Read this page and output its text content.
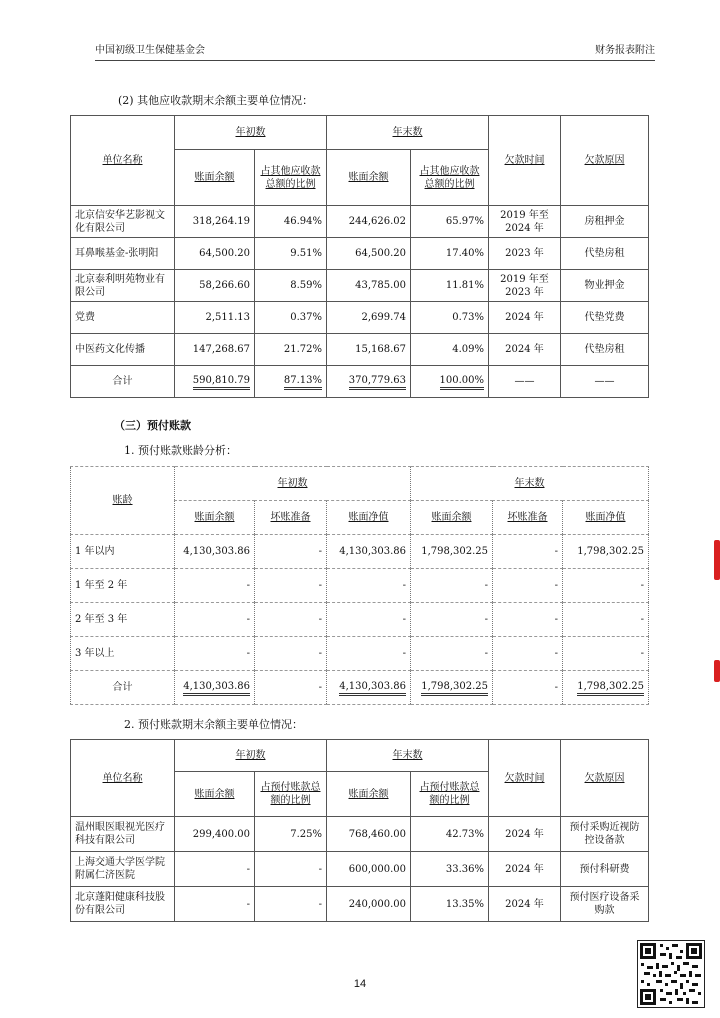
中国初级卫生保健基金会	财务报表附注
(2) 其他应收款期末余额主要单位情况：
单位名称	年初数		年末数		欠款时间	欠款原因
	账面余额	占其他应收款总额的比例	账面余额	占其他应收款总额的比例		
北京信安华艺影视文化有限公司	318,264.19	46.94%	244,626.02	65.97%	2019 年至 2024 年	房租押金
耳鼻喉基金-张明阳	64,500.20	9.51%	64,500.20	17.40%	2023 年	代垫房租
北京泰利明苑物业有限公司	58,266.60	8.59%	43,785.00	11.81%	2019 年至 2023 年	物业押金
党费	2,511.13	0.37%	2,699.74	0.73%	2024 年	代垫党费
中医药文化传播	147,268.67	21.72%	15,168.67	4.09%	2024 年	代垫房租
合计	590,810.79	87.13%	370,779.63	100.00%	——	——
（三）预付账款
1. 预付账款账龄分析：
账龄	年初数			年末数		
	账面余额	坏账准备	账面净值	账面余额	坏账准备	账面净值
1 年以内	4,130,303.86	-	4,130,303.86	1,798,302.25	-	1,798,302.25
1 年至 2 年	-	-	-	-	-	-
2 年至 3 年	-	-	-	-	-	-
3 年以上	-	-	-	-	-	-
合计	4,130,303.86	-	4,130,303.86	1,798,302.25	-	1,798,302.25
2. 预付账款期末余额主要单位情况：
单位名称	年初数		年末数		欠款时间	欠款原因
	账面余额	占预付账款总额的比例	账面余额	占预付账款总额的比例		
温州眼医眼视光医疗科技有限公司	299,400.00	7.25%	768,460.00	42.73%	2024 年	预付采购近视防控设备款
上海交通大学医学院附属仁济医院	-	-	600,000.00	33.36%	2024 年	预付科研费
北京蓬阳健康科技股份有限公司	-	-	240,000.00	13.35%	2024 年	预付医疗设备采购款
14
